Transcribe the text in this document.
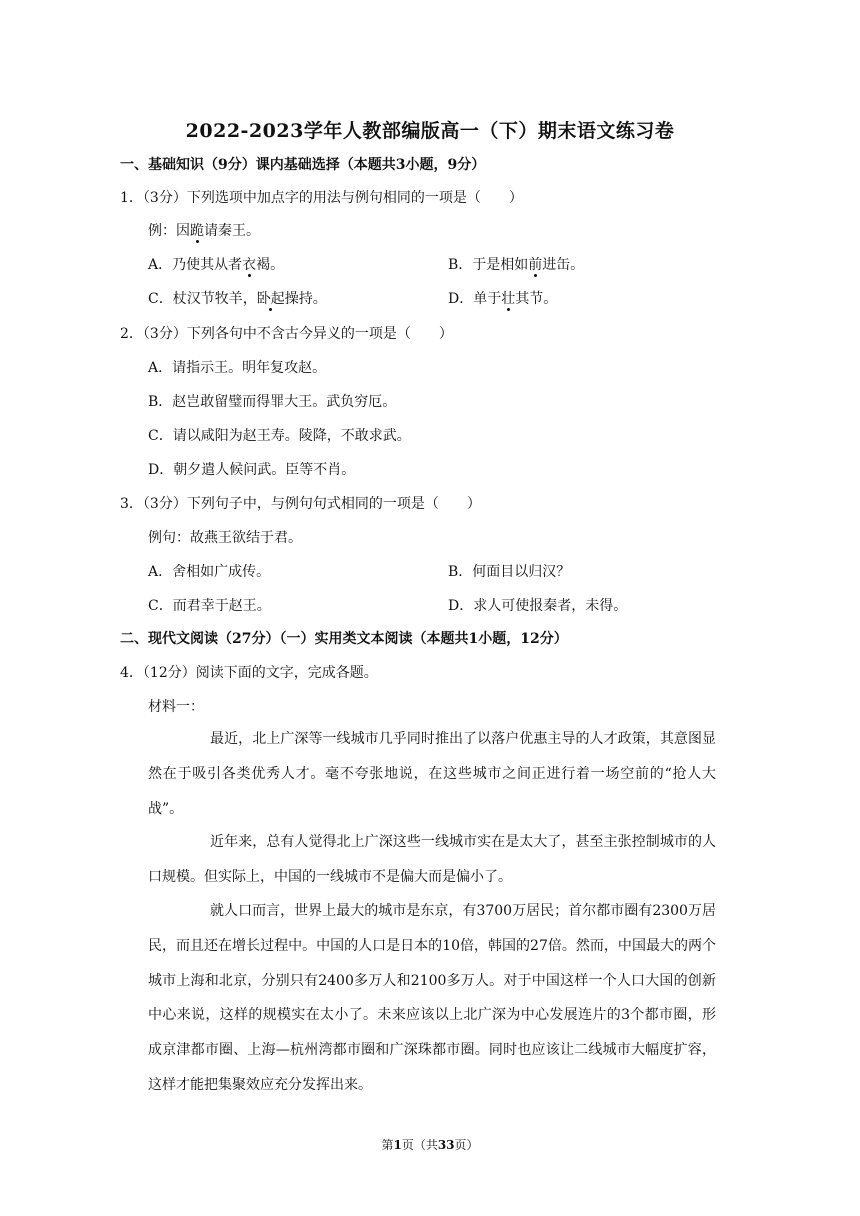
2022-2023学年人教部编版高一（下）期末语文练习卷
一、基础知识（9分）课内基础选择（本题共3小题，9分）
1．（3分）下列选项中加点字的用法与例句相同的一项是（　　）
例：因跪请秦王。
A．乃使其从者衣褐。	B．于是相如前进缶。
C．杖汉节牧羊，卧起操持。	D．单于壮其节。
2．（3分）下列各句中不含古今异义的一项是（　　）
A．请指示王。明年复攻赵。
B．赵岂敢留璧而得罪大王。武负穷厄。
C．请以咸阳为赵王寿。陵降，不敢求武。
D．朝夕遣人候问武。臣等不肖。
3．（3分）下列句子中，与例句句式相同的一项是（　　）
例句：故燕王欲结于君。
A．舍相如广成传。	B．何面目以归汉？
C．而君幸于赵王。	D．求人可使报秦者，未得。
二、现代文阅读（27分）（一）实用类文本阅读（本题共1小题，12分）
4．（12分）阅读下面的文字，完成各题。
材料一：
最近，北上广深等一线城市几乎同时推出了以落户优惠主导的人才政策，其意图显然在于吸引各类优秀人才。毫不夸张地说，在这些城市之间正进行着一场空前的“抢人大战”。
近年来，总有人觉得北上广深这些一线城市实在是太大了，甚至主张控制城市的人口规模。但实际上，中国的一线城市不是偏大而是偏小了。
就人口而言，世界上最大的城市是东京，有3700万居民；首尔都市圈有2300万居民，而且还在增长过程中。中国的人口是日本的10倍，韩国的27倍。然而，中国最大的两个城市上海和北京，分别只有2400多万人和2100多万人。对于中国这样一个人口大国的创新中心来说，这样的规模实在太小了。未来应该以上北广深为中心发展连片的3个都市圈，形成京津都市圈、上海—杭州湾都市圈和广深珠都市圈。同时也应该让二线城市大幅度扩容，这样才能把集聚效应充分发挥出来。
第1页（共33页）
